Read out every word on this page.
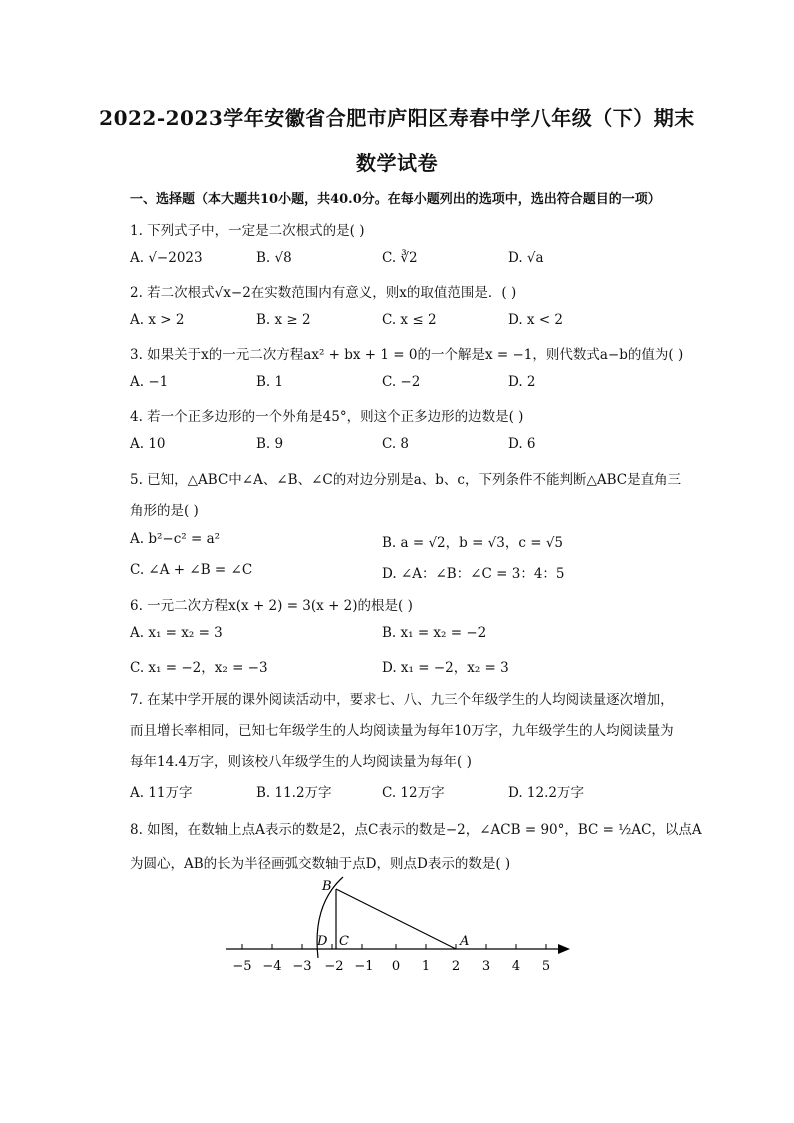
2022-2023学年安徽省合肥市庐阳区寿春中学八年级（下）期末
数学试卷
一、选择题（本大题共10小题，共40.0分。在每小题列出的选项中，选出符合题目的一项）
1. 下列式子中，一定是二次根式的是( )
A. √−2023	B. √8	C. ∛2	D. √a
2. 若二次根式√x−2在实数范围内有意义，则x的取值范围是．( )
A. x > 2	B. x ≥ 2	C. x ≤ 2	D. x < 2
3. 如果关于x的一元二次方程ax² + bx + 1 = 0的一个解是x = −1，则代数式a−b的值为( )
A. −1	B. 1	C. −2	D. 2
4. 若一个正多边形的一个外角是45°，则这个正多边形的边数是( )
A. 10	B. 9	C. 8	D. 6
5. 已知，△ABC中∠A、∠B、∠C的对边分别是a、b、c，下列条件不能判断△ABC是直角三
角形的是( )
A. b²−c² = a²	B. a = √2，b = √3，c = √5
C. ∠A + ∠B = ∠C	D. ∠A：∠B：∠C = 3：4：5
6. 一元二次方程x(x + 2) = 3(x + 2)的根是( )
A. x₁ = x₂ = 3	B. x₁ = x₂ = −2
C. x₁ = −2，x₂ = −3	D. x₁ = −2，x₂ = 3
7. 在某中学开展的课外阅读活动中，要求七、八、九三个年级学生的人均阅读量逐次增加，
而且增长率相同，已知七年级学生的人均阅读量为每年10万字，九年级学生的人均阅读量为
每年14.4万字，则该校八年级学生的人均阅读量为每年( )
A. 11万字	B. 11.2万字	C. 12万字	D. 12.2万字
8. 如图，在数轴上点A表示的数是2，点C表示的数是−2，∠ACB = 90°，BC = ½AC，以点A
为圆心，AB的长为半径画弧交数轴于点D，则点D表示的数是( )
−5 −4 −3 −2 −1 0 1 2 3 4 5
B
C
D	A
